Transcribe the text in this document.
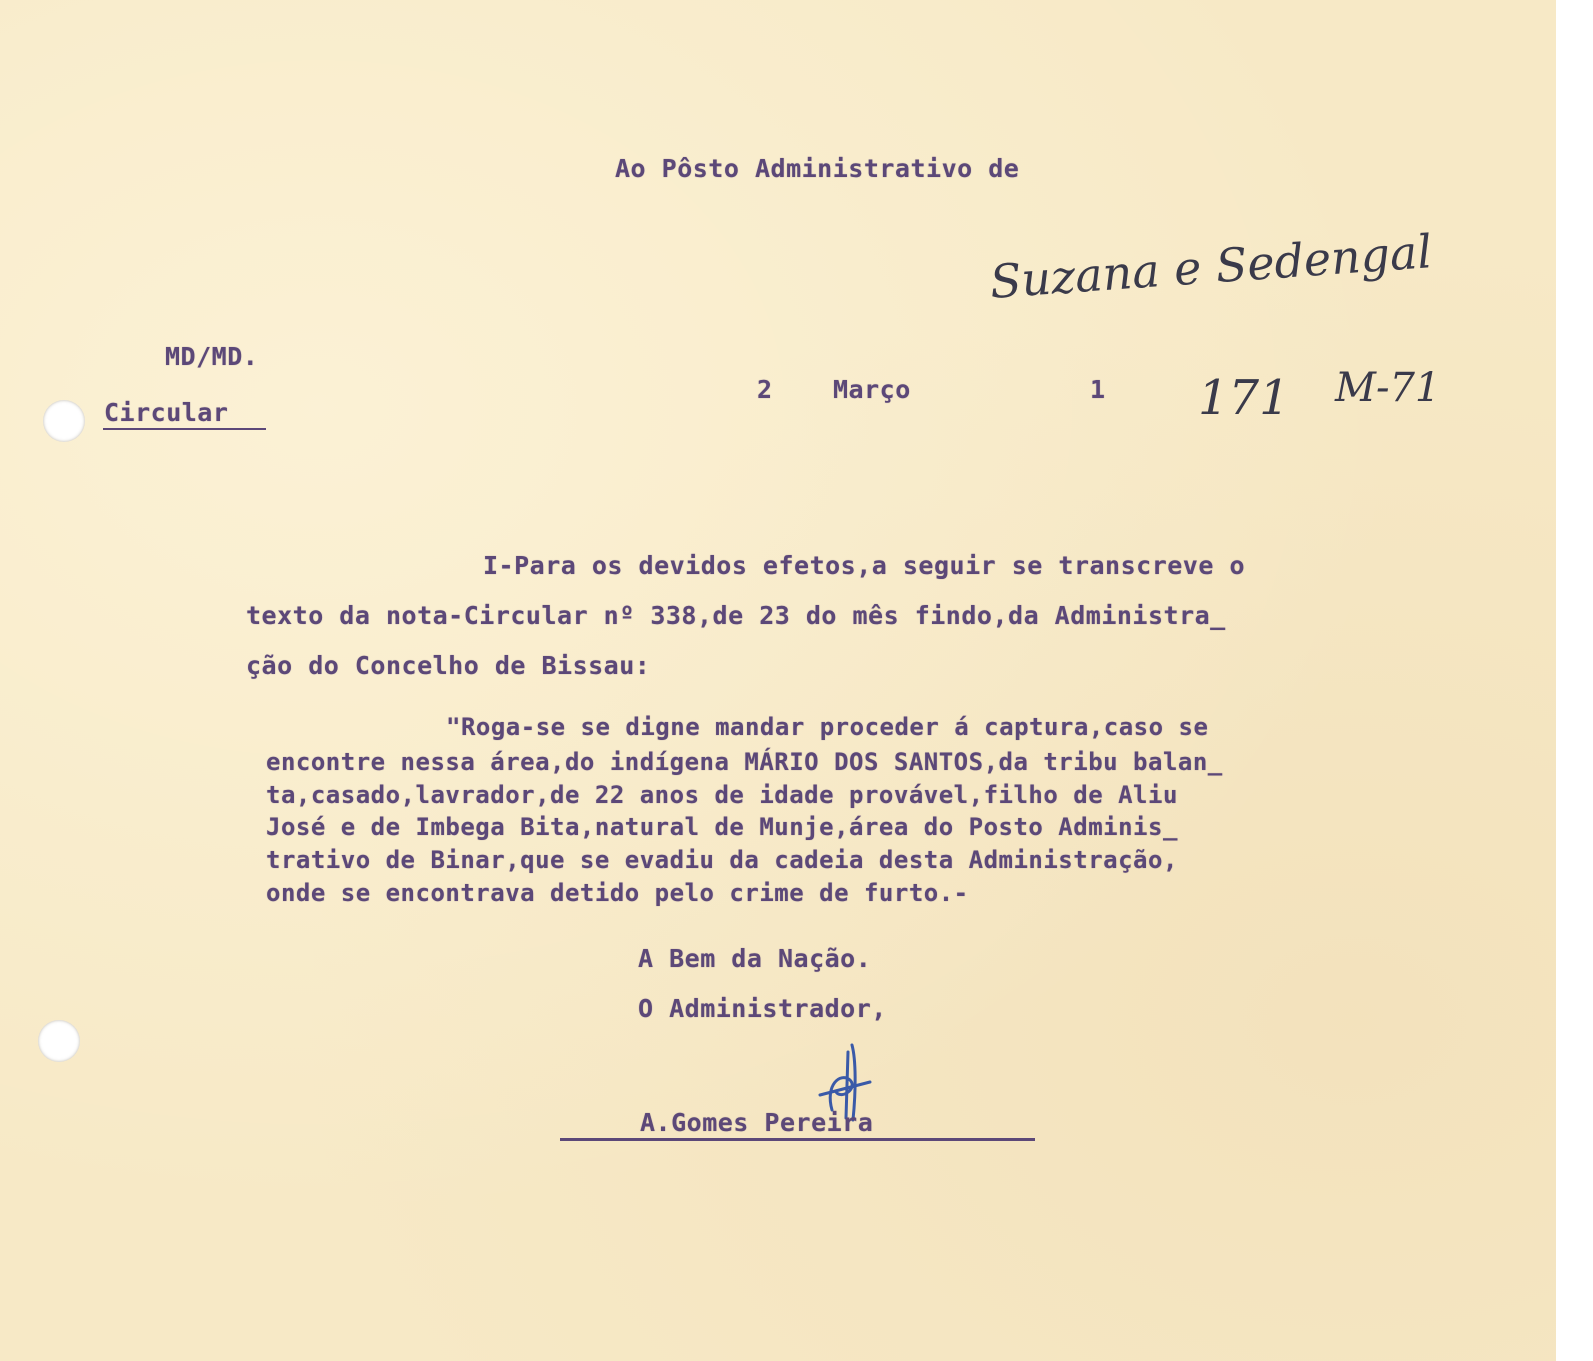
Ao Pôsto Administrativo de
Suzana e Sedengal
MD/MD.
Circular
2 Março	1 171 M-71
I-Para os devidos efetos,a seguir se transcreve o
texto da nota-Circular nº 338,de 23 do mês findo,da Administra_
ção do Concelho de Bissau:
"Roga-se se digne mandar proceder á captura,caso se
encontre nessa área,do indígena MÁRIO DOS SANTOS,da tribu balan_
ta,casado,lavrador,de 22 anos de idade provável,filho de Aliu
José e de Imbega Bita,natural de Munje,área do Posto Adminis_
trativo de Binar,que se evadiu da cadeia desta Administração,
onde se encontrava detido pelo crime de furto.-
A Bem da Nação.
O Administrador,
A.Gomes Pereira
